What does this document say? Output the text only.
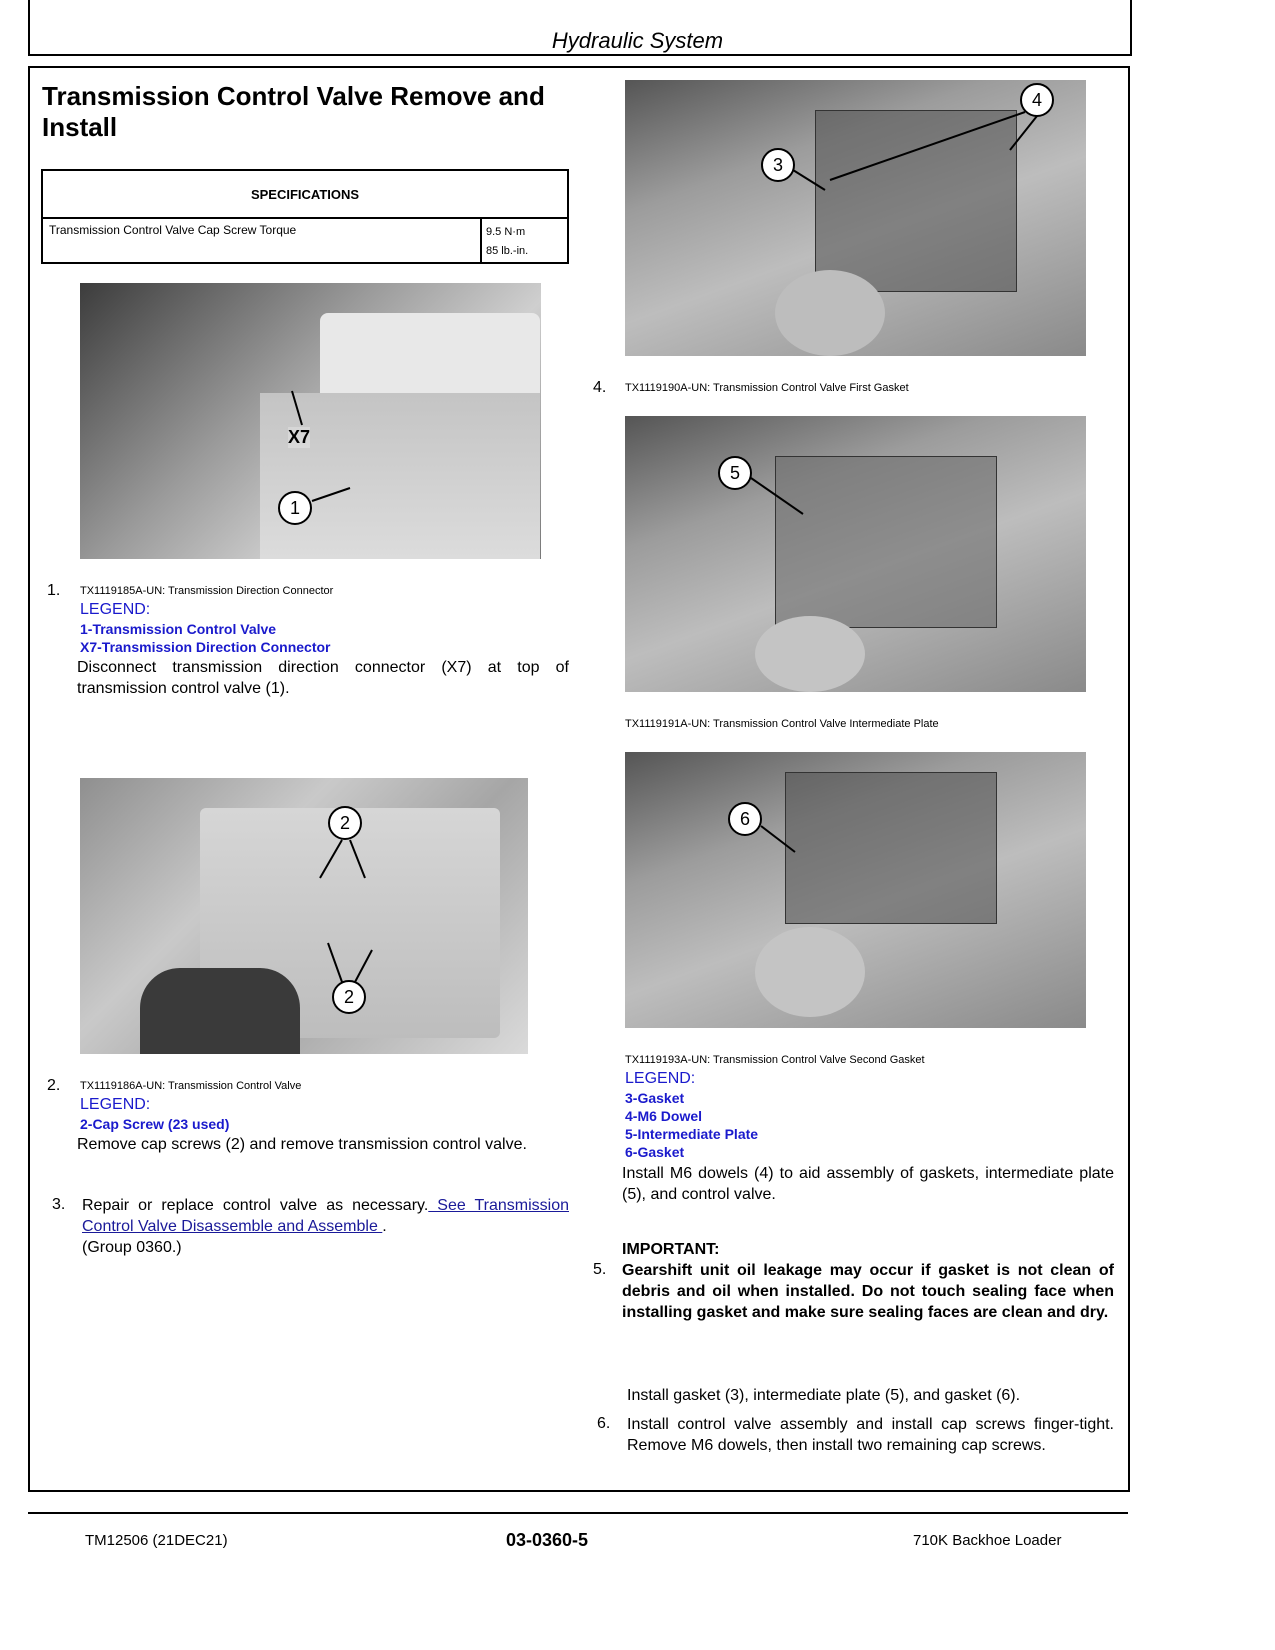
Hydraulic System
Transmission Control Valve Remove and Install
SPECIFICATIONS
Transmission Control Valve Cap Screw Torque	9.5 N·m
85 lb.-in.
X7
1
1. TX1119185A-UN: Transmission Direction Connector
LEGEND:
1-Transmission Control Valve
X7-Transmission Direction Connector
Disconnect transmission direction connector (X7) at top of transmission control valve (1).
2
2
2. TX1119186A-UN: Transmission Control Valve
LEGEND:
2-Cap Screw (23 used)
Remove cap screws (2) and remove transmission control valve.
3. Repair or replace control valve as necessary. See Transmission Control Valve Disassemble and Assemble .
(Group 0360.)
3
4
4. TX1119190A-UN: Transmission Control Valve First Gasket
5
TX1119191A-UN: Transmission Control Valve Intermediate Plate
6
TX1119193A-UN: Transmission Control Valve Second Gasket
LEGEND:
3-Gasket
4-M6 Dowel
5-Intermediate Plate
6-Gasket
Install M6 dowels (4) to aid assembly of gaskets, intermediate plate (5), and control valve.
IMPORTANT:
5. Gearshift unit oil leakage may occur if gasket is not clean of debris and oil when installed. Do not touch sealing face when installing gasket and make sure sealing faces are clean and dry.
Install gasket (3), intermediate plate (5), and gasket (6).
6. Install control valve assembly and install cap screws finger-tight. Remove M6 dowels, then install two remaining cap screws.
TM12506 (21DEC21)	03-0360-5	710K Backhoe Loader
